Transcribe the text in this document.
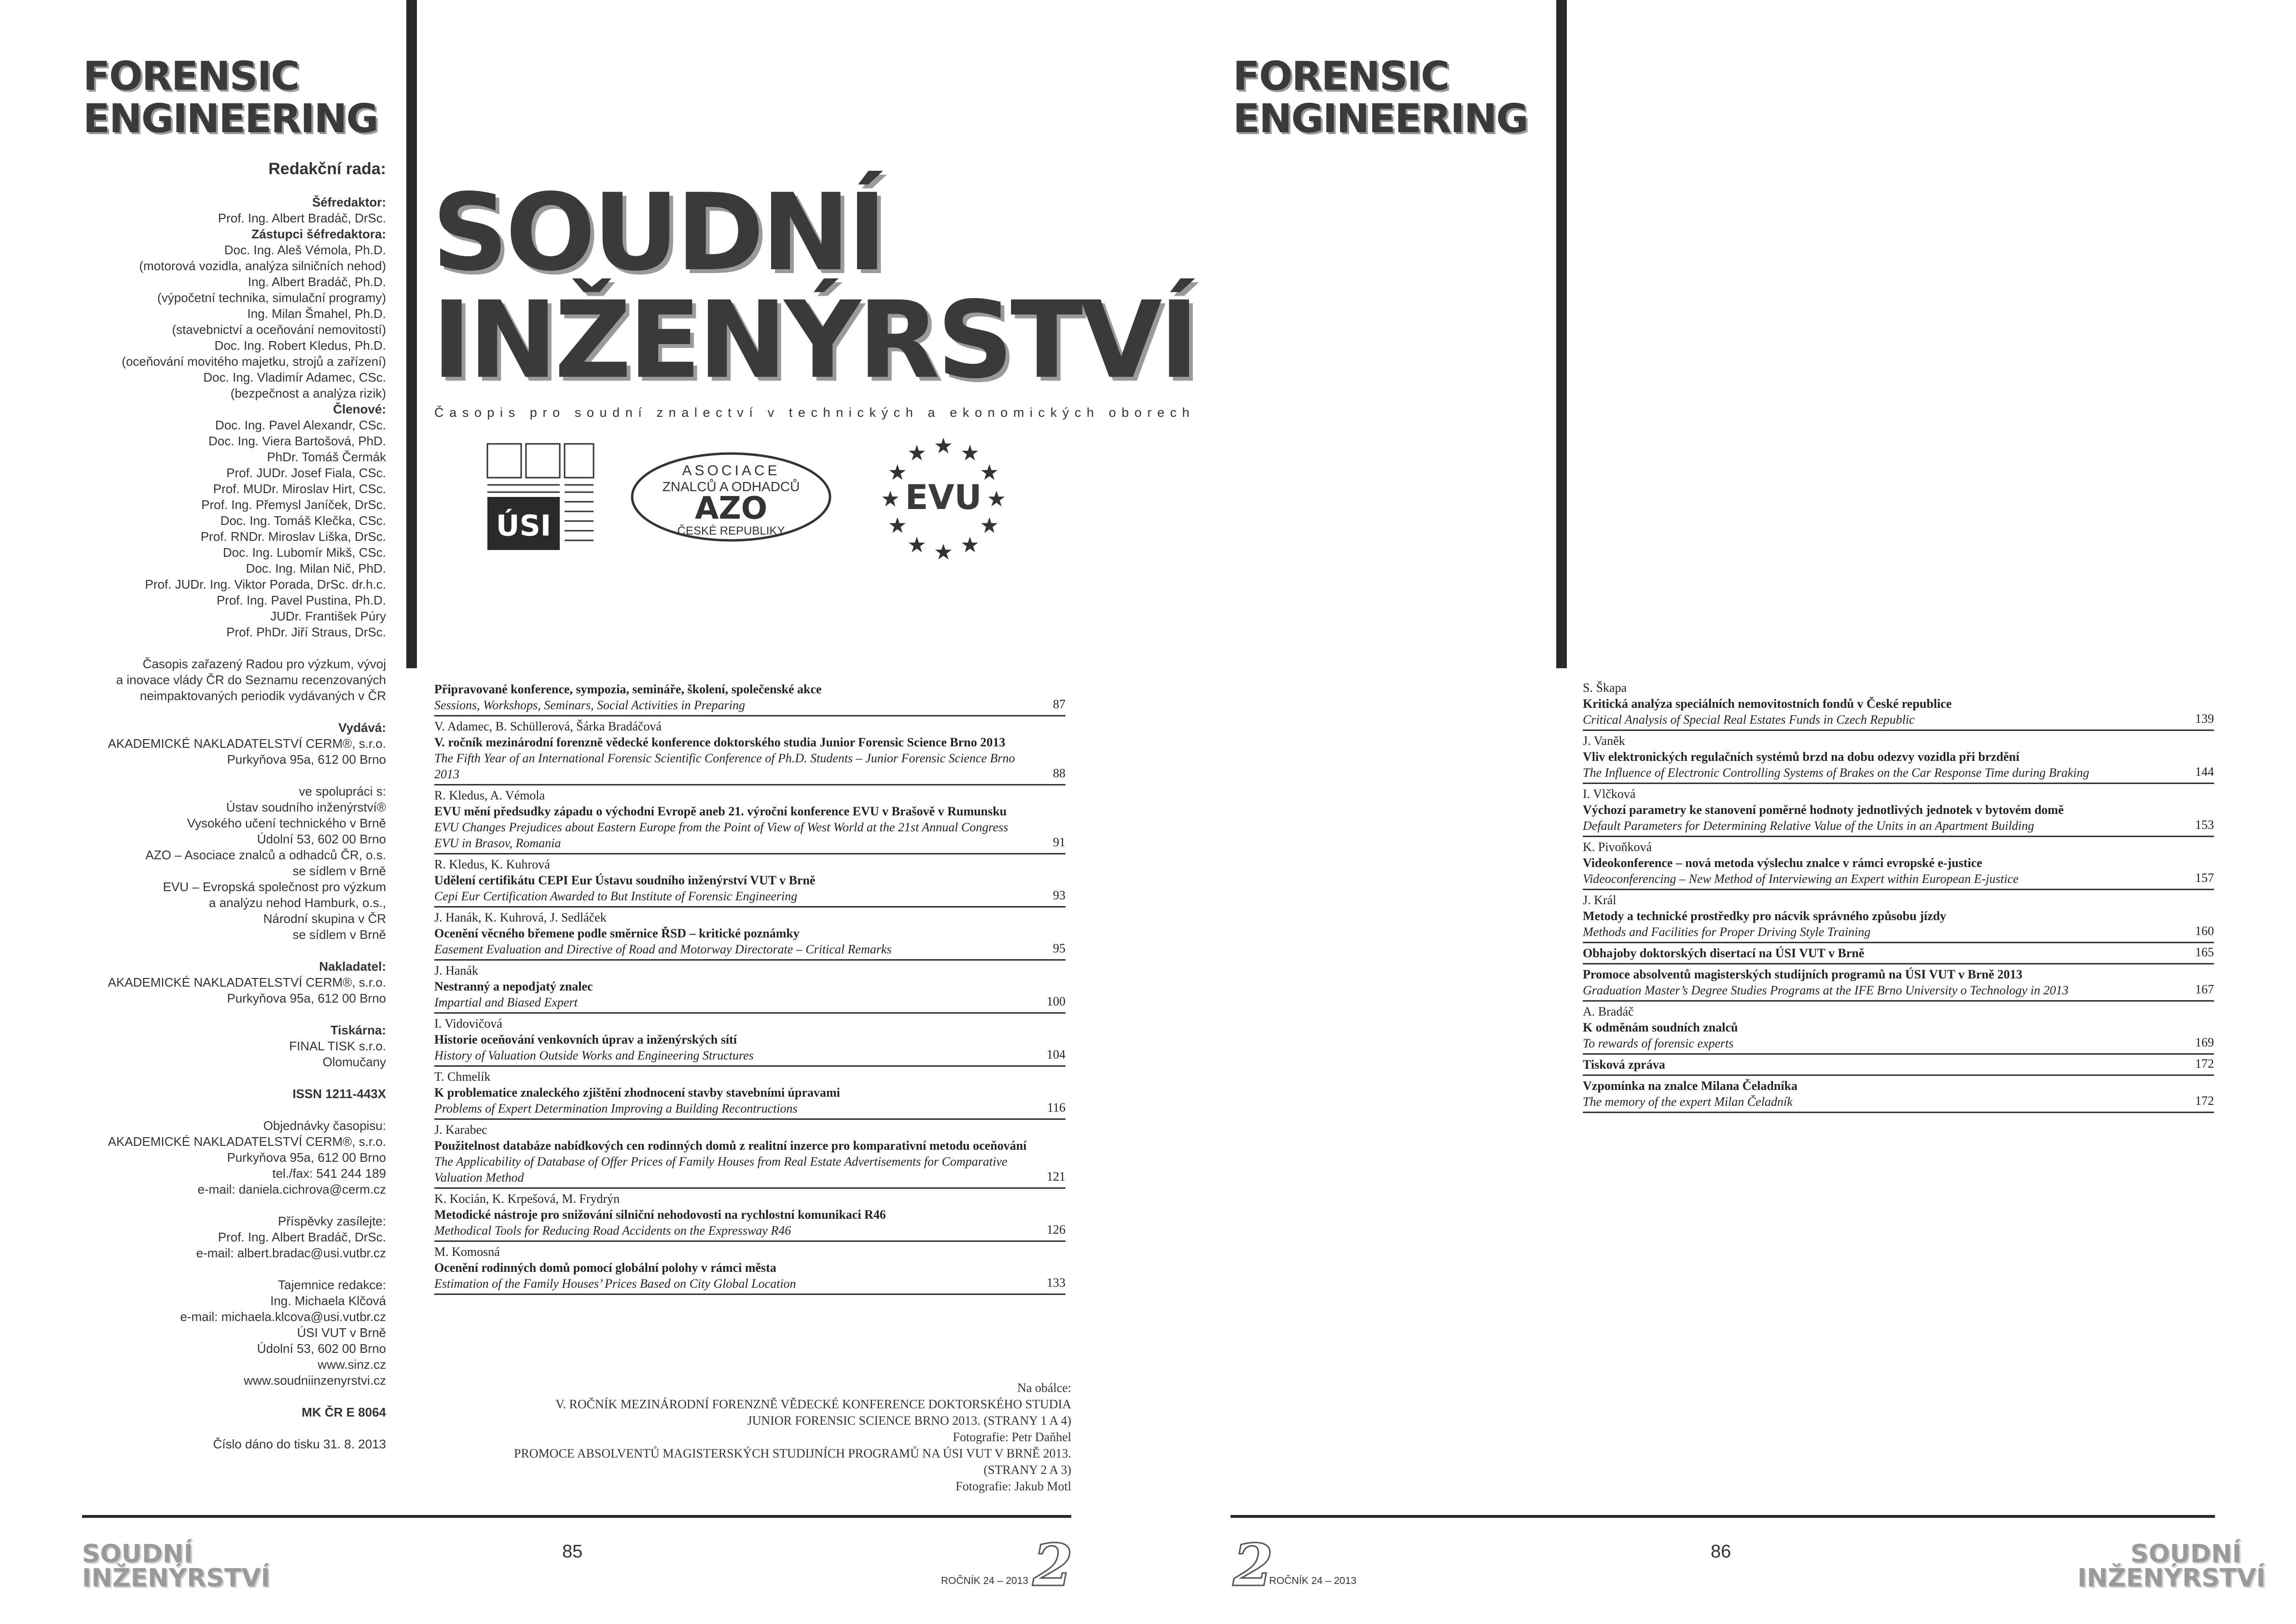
FORENSIC
ENGINEERING
Redakční rada:
Šéfredaktor:
Prof. Ing. Albert Bradáč, DrSc.
Zástupci šéfredaktora:
Doc. Ing. Aleš Vémola, Ph.D.
(motorová vozidla, analýza silničních nehod)
Ing. Albert Bradáč, Ph.D.
(výpočetní technika, simulační programy)
Ing. Milan Šmahel, Ph.D.
(stavebnictví a oceňování nemovitostí)
Doc. Ing. Robert Kledus, Ph.D.
(oceňování movitého majetku, strojů a zařízení)
Doc. Ing. Vladimír Adamec, CSc.
(bezpečnost a analýza rizik)
Členové:
Doc. Ing. Pavel Alexandr, CSc.
Doc. Ing. Viera Bartošová, PhD.
PhDr. Tomáš Čermák
Prof. JUDr. Josef Fiala, CSc.
Prof. MUDr. Miroslav Hirt, CSc.
Prof. Ing. Přemysl Janíček, DrSc.
Doc. Ing. Tomáš Klečka, CSc.
Prof. RNDr. Miroslav Liška, DrSc.
Doc. Ing. Lubomír Mikš, CSc.
Doc. Ing. Milan Nič, PhD.
Prof. JUDr. Ing. Viktor Porada, DrSc. dr.h.c.
Prof. Ing. Pavel Pustina, Ph.D.
JUDr. František Púry
Prof. PhDr. Jiří Straus, DrSc.
Časopis zařazený Radou pro výzkum, vývoj
a inovace vlády ČR do Seznamu recenzovaných
neimpaktovaných periodik vydávaných v ČR
Vydává:
AKADEMICKÉ NAKLADATELSTVÍ CERM®, s.r.o.
Purkyňova 95a, 612 00 Brno
ve spolupráci s:
Ústav soudního inženýrství®
Vysokého učení technického v Brně
Údolní 53, 602 00 Brno
AZO – Asociace znalců a odhadců ČR, o.s.
se sídlem v Brně
EVU – Evropská společnost pro výzkum
a analýzu nehod Hamburk, o.s.,
Národní skupina v ČR
se sídlem v Brně
Nakladatel:
AKADEMICKÉ NAKLADATELSTVÍ CERM®, s.r.o.
Purkyňova 95a, 612 00 Brno
Tiskárna:
FINAL TISK s.r.o.
Olomučany
ISSN 1211-443X
Objednávky časopisu:
AKADEMICKÉ NAKLADATELSTVÍ CERM®, s.r.o.
Purkyňova 95a, 612 00 Brno
tel./fax: 541 244 189
e-mail: daniela.cichrova@cerm.cz
Příspěvky zasílejte:
Prof. Ing. Albert Bradáč, DrSc.
e-mail: albert.bradac@usi.vutbr.cz
Tajemnice redakce:
Ing. Michaela Klčová
e-mail: michaela.klcova@usi.vutbr.cz
ÚSI VUT v Brně
Údolní 53, 602 00 Brno
www.sinz.cz
www.soudniinzenyrstvi.cz
MK ČR E 8064
Číslo dáno do tisku 31. 8. 2013
SOUDNÍ
INŽENÝRSTVÍ
Časopis pro soudní znalectví v technických a ekonomických oborech
ÚSI
ASOCIACE
ZNALCŮ A ODHADCŮ
AZO
ČESKÉ REPUBLIKY
EVU
Připravované konference, sympozia, semináře, školení, společenské akce
Sessions, Workshops, Seminars, Social Activities in Preparing	87
V. Adamec, B. Schüllerová, Šárka Bradáčová
V. ročník mezinárodní forenzně vědecké konference doktorského studia Junior Forensic Science Brno 2013
The Fifth Year of an International Forensic Scientific Conference of Ph.D. Students – Junior Forensic Science Brno 2013	88
R. Kledus, A. Vémola
EVU mění předsudky západu o východní Evropě aneb 21. výroční konference EVU v Brašově v Rumunsku
EVU Changes Prejudices about Eastern Europe from the Point of View of West World at the 21st Annual Congress EVU in Brasov, Romania	91
R. Kledus, K. Kuhrová
Udělení certifikátu CEPI Eur Ústavu soudního inženýrství VUT v Brně
Cepi Eur Certification Awarded to But Institute of Forensic Engineering	93
J. Hanák, K. Kuhrová, J. Sedláček
Ocenění věcného břemene podle směrnice ŘSD – kritické poznámky
Easement Evaluation and Directive of Road and Motorway Directorate – Critical Remarks	95
J. Hanák
Nestranný a nepodjatý znalec
Impartial and Biased Expert	100
I. Vidovičová
Historie oceňování venkovních úprav a inženýrských sítí
History of Valuation Outside Works and Engineering Structures	104
T. Chmelík
K problematice znaleckého zjištění zhodnocení stavby stavebními úpravami
Problems of Expert Determination Improving a Building Recontructions	116
J. Karabec
Použitelnost databáze nabídkových cen rodinných domů z realitní inzerce pro komparativní metodu oceňování
The Applicability of Database of Offer Prices of Family Houses from Real Estate Advertisements for Comparative Valuation Method	121
K. Kocián, K. Krpešová, M. Frydrýn
Metodické nástroje pro snižování silniční nehodovosti na rychlostní komunikaci R46
Methodical Tools for Reducing Road Accidents on the Expressway R46	126
M. Komosná
Ocenění rodinných domů pomocí globální polohy v rámci města
Estimation of the Family Houses’ Prices Based on City Global Location	133
Na obálce:
V. ROČNÍK MEZINÁRODNÍ FORENZNĚ VĚDECKÉ KONFERENCE DOKTORSKÉHO STUDIA
JUNIOR FORENSIC SCIENCE BRNO 2013. (STRANY 1 A 4)
Fotografie: Petr Daňhel
PROMOCE ABSOLVENTŮ MAGISTERSKÝCH STUDIJNÍCH PROGRAMŮ NA ÚSI VUT V BRNĚ 2013.
(STRANY 2 A 3)
Fotografie: Jakub Motl
SOUDNÍ
INŽENÝRSTVÍ
85
ROČNÍK 24 – 2013 2
FORENSIC
ENGINEERING
S. Škapa
Kritická analýza speciálních nemovitostních fondů v České republice
Critical Analysis of Special Real Estates Funds in Czech Republic	139
J. Vaněk
Vliv elektronických regulačních systémů brzd na dobu odezvy vozidla při brzdění
The Influence of Electronic Controlling Systems of Brakes on the Car Response Time during Braking	144
I. Vlčková
Výchozí parametry ke stanovení poměrné hodnoty jednotlivých jednotek v bytovém domě
Default Parameters for Determining Relative Value of the Units in an Apartment Building	153
K. Pivoňková
Videokonference – nová metoda výslechu znalce v rámci evropské e-justice
Videoconferencing – New Method of Interviewing an Expert within European E-justice	157
J. Král
Metody a technické prostředky pro nácvik správného způsobu jízdy
Methods and Facilities for Proper Driving Style Training	160
Obhajoby doktorských disertací na ÚSI VUT v Brně	165
Promoce absolventů magisterských studijních programů na ÚSI VUT v Brně 2013
Graduation Master’s Degree Studies Programs at the IFE Brno University o Technology in 2013	167
A. Bradáč
K odměnám soudních znalců
To rewards of forensic experts	169
Tisková zpráva	172
Vzpomínka na znalce Milana Čeladníka
The memory of the expert Milan Čeladník	172
2
ROČNÍK 24 – 2013
86	SOUDNÍ
INŽENÝRSTVÍ
